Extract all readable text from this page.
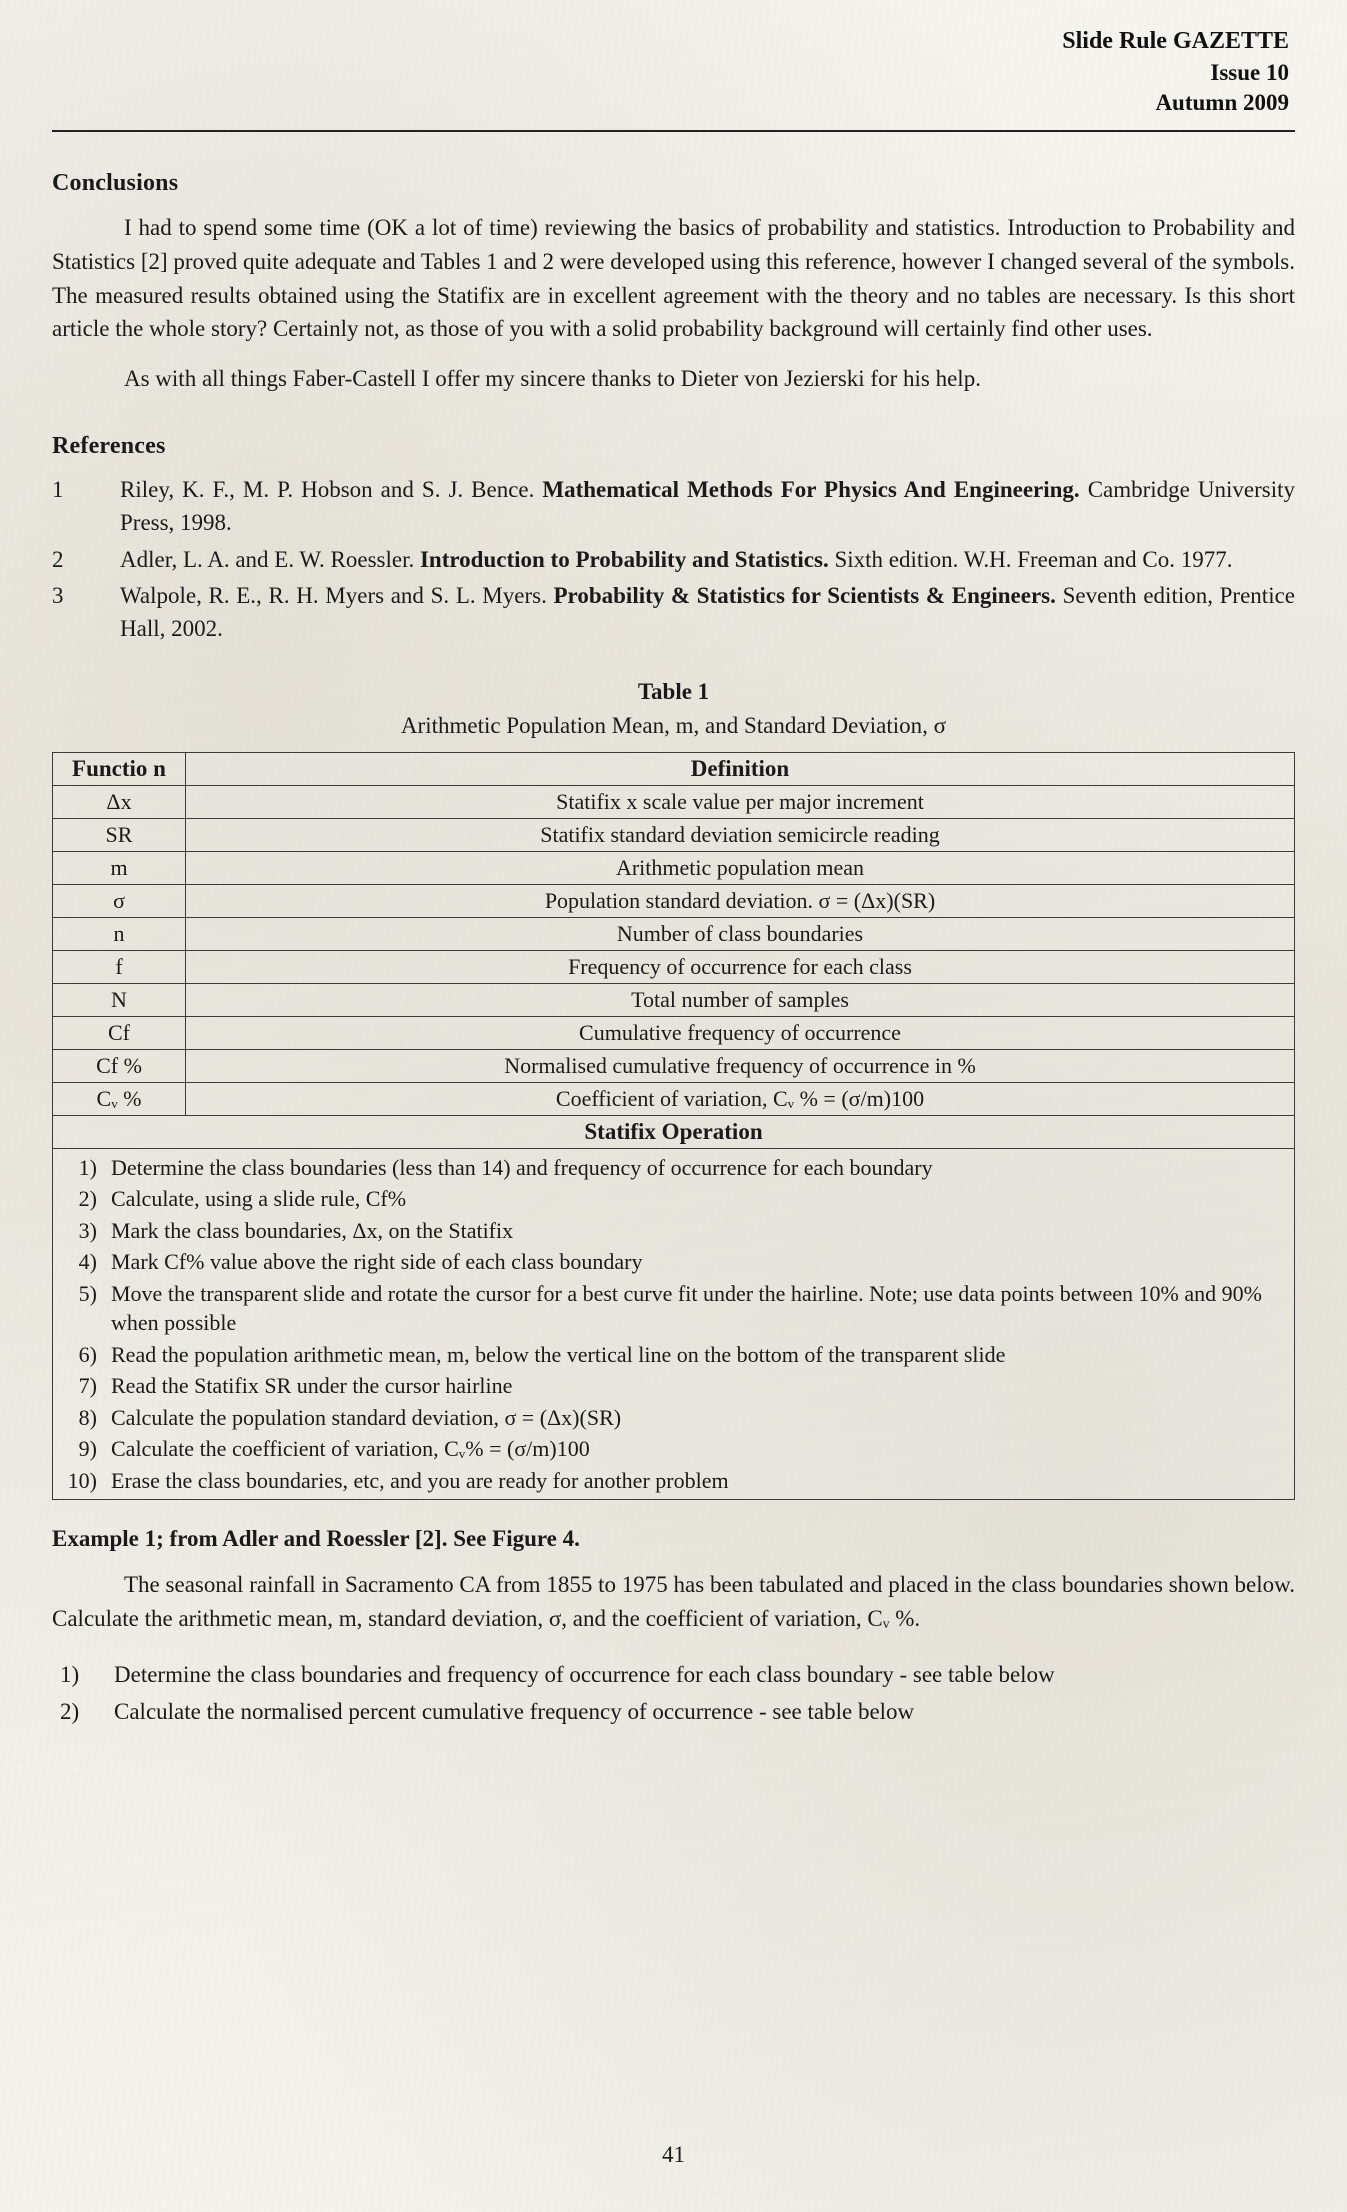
Slide Rule GAZETTE
Issue 10
Autumn 2009
Conclusions

I had to spend some time (OK a lot of time) reviewing the basics of probability and statistics. Introduction to Probability and Statistics [2] proved quite adequate and Tables 1 and 2 were developed using this reference, however I changed several of the symbols. The measured results obtained using the Statifix are in excellent agreement with the theory and no tables are necessary. Is this short article the whole story? Certainly not, as those of you with a solid probability background will certainly find other uses.

As with all things Faber-Castell I offer my sincere thanks to Dieter von Jezierski for his help.

References
1	Riley, K. F., M. P. Hobson and S. J. Bence. Mathematical Methods For Physics And Engineering. Cambridge University Press, 1998.
2	Adler, L. A. and E. W. Roessler. Introduction to Probability and Statistics. Sixth edition. W.H. Freeman and Co. 1977.
3	Walpole, R. E., R. H. Myers and S. L. Myers. Probability & Statistics for Scientists & Engineers. Seventh edition, Prentice Hall, 2002.
Table 1
Arithmetic Population Mean, m, and Standard Deviation, σ
Functio n	Definition
Δx	Statifix x scale value per major increment
SR	Statifix standard deviation semicircle reading
m	Arithmetic population mean
σ	Population standard deviation. σ = (Δx)(SR)
n	Number of class boundaries
f	Frequency of occurrence for each class
N	Total number of samples
Cf	Cumulative frequency of occurrence
Cf %	Normalised cumulative frequency of occurrence in %
Cᵥ %	Coefficient of variation, Cᵥ % = (σ/m)100
Statifix Operation	

1) Determine the class boundaries (less than 14) and frequency of occurrence for each boundary
2) Calculate, using a slide rule, Cf%
3) Mark the class boundaries, Δx, on the Statifix
4) Mark Cf% value above the right side of each class boundary
5) Move the transparent slide and rotate the cursor for a best curve fit under the hairline. Note; use data points between 10% and 90% when possible
6) Read the population arithmetic mean, m, below the vertical line on the bottom of the transparent slide
7) Read the Statifix SR under the cursor hairline
8) Calculate the population standard deviation, σ = (Δx)(SR)
9) Calculate the coefficient of variation, Cᵥ% = (σ/m)100
10) Erase the class boundaries, etc, and you are ready for another problem
Example 1; from Adler and Roessler [2]. See Figure 4.

The seasonal rainfall in Sacramento CA from 1855 to 1975 has been tabulated and placed in the class boundaries shown below. Calculate the arithmetic mean, m, standard deviation, σ, and the coefficient of variation, Cᵥ %.

1)	Determine the class boundaries and frequency of occurrence for each class boundary - see table below
2)	Calculate the normalised percent cumulative frequency of occurrence - see table below
41
